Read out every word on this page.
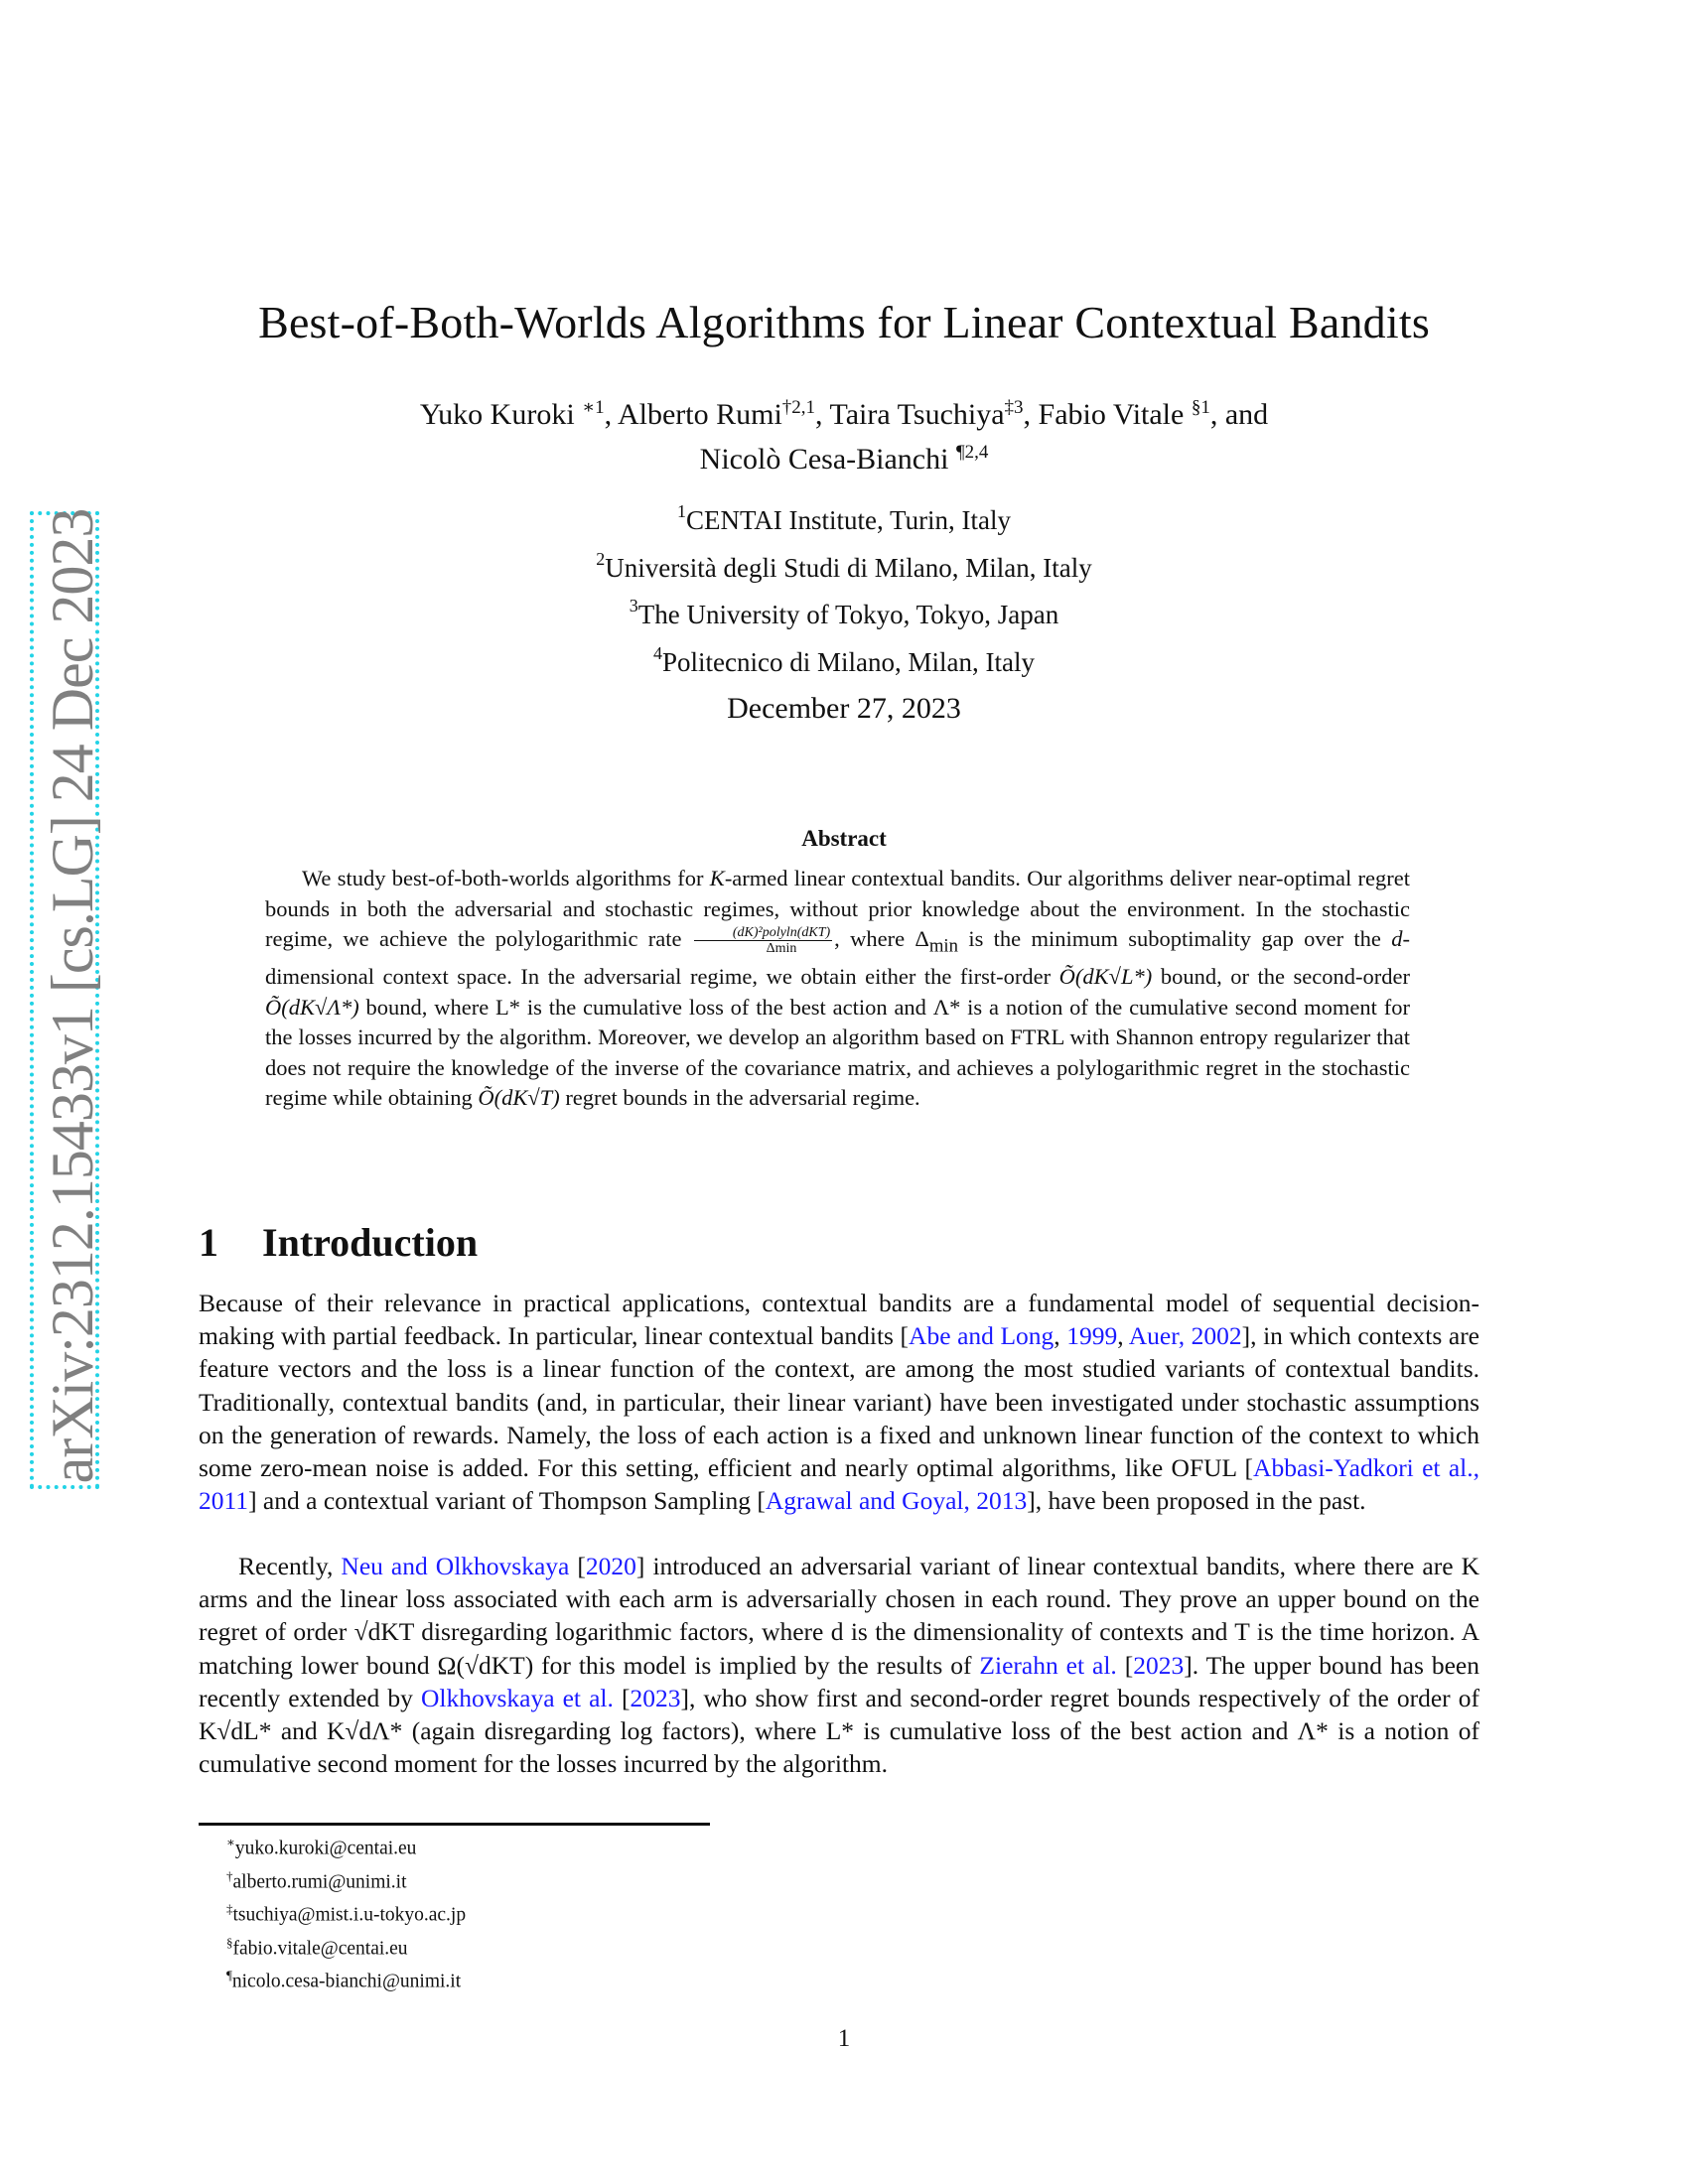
arXiv:2312.15433v1 [cs.LG] 24 Dec 2023
Best-of-Both-Worlds Algorithms for Linear Contextual Bandits
Yuko Kuroki $^{∗1}$, Alberto Rumi$^{\dagger 2,1}$, Taira Tsuchiya$^{\ddagger 3}$, Fabio Vitale $^{\S 1}$, and
Nicolò Cesa-Bianchi $^{\P 2,4}$
$^1$CENTAI Institute, Turin, Italy
$^2$Università degli Studi di Milano, Milan, Italy
$^3$The University of Tokyo, Tokyo, Japan
$^4$Politecnico di Milano, Milan, Italy
December 27, 2023
Abstract
We study best-of-both-worlds algorithms for K-armed linear contextual bandits. Our algorithms deliver near-optimal regret bounds in both the adversarial and stochastic regimes, without prior knowledge about the environment. In the stochastic regime, we achieve the polylogarithmic rate $\frac{\text{(dK)²polyln(dKT)}}{\Delta\min}$ , where $\Delta_{min}$ is the minimum suboptimality gap over the d-dimensional context space. In the adversarial regime, we obtain either the first-order Õ(dK√L*) bound, or the second-order Õ(dK√Λ*) bound, where L* is the cumulative loss of the best action and Λ* is a notion of the cumulative second moment for the losses incurred by the algorithm. Moreover, we develop an algorithm based on FTRL with Shannon entropy regularizer that does not require the knowledge of the inverse of the covariance matrix, and achieves a polylogarithmic regret in the stochastic regime while obtaining Õ(dK√T) regret bounds in the adversarial regime.
1 Introduction
Because of their relevance in practical applications, contextual bandits are a fundamental model of sequential decision-making with partial feedback. In particular, linear contextual bandits [Abe and Long, 1999, Auer, 2002], in which contexts are feature vectors and the loss is a linear function of the context, are among the most studied variants of contextual bandits. Traditionally, contextual bandits (and, in particular, their linear variant) have been investigated under stochastic assumptions on the generation of rewards. Namely, the loss of each action is a fixed and unknown linear function of the context to which some zero-mean noise is added. For this setting, efficient and nearly optimal algorithms, like OFUL [Abbasi-Yadkori et al., 2011] and a contextual variant of Thompson Sampling [Agrawal and Goyal, 2013], have been proposed in the past.
Recently, Neu and Olkhovskaya [2020] introduced an adversarial variant of linear contextual bandits, where there are K arms and the linear loss associated with each arm is adversarially chosen in each round. They prove an upper bound on the regret of order √dKT disregarding logarithmic factors, where d is the dimensionality of contexts and T is the time horizon. A matching lower bound Ω(√dKT) for this model is implied by the results of Zierahn et al. [2023]. The upper bound has been recently extended by Olkhovskaya et al. [2023], who show first and second-order regret bounds respectively of the order of K√dL* and K√dΛ* (again disregarding log factors), where L* is cumulative loss of the best action and Λ* is a notion of cumulative second moment for the losses incurred by the algorithm.
∗yuko.kuroki@centai.eu
†alberto.rumi@unimi.it
‡tsuchiya@mist.i.u-tokyo.ac.jp
§fabio.vitale@centai.eu
¶nicolo.cesa-bianchi@unimi.it
1
